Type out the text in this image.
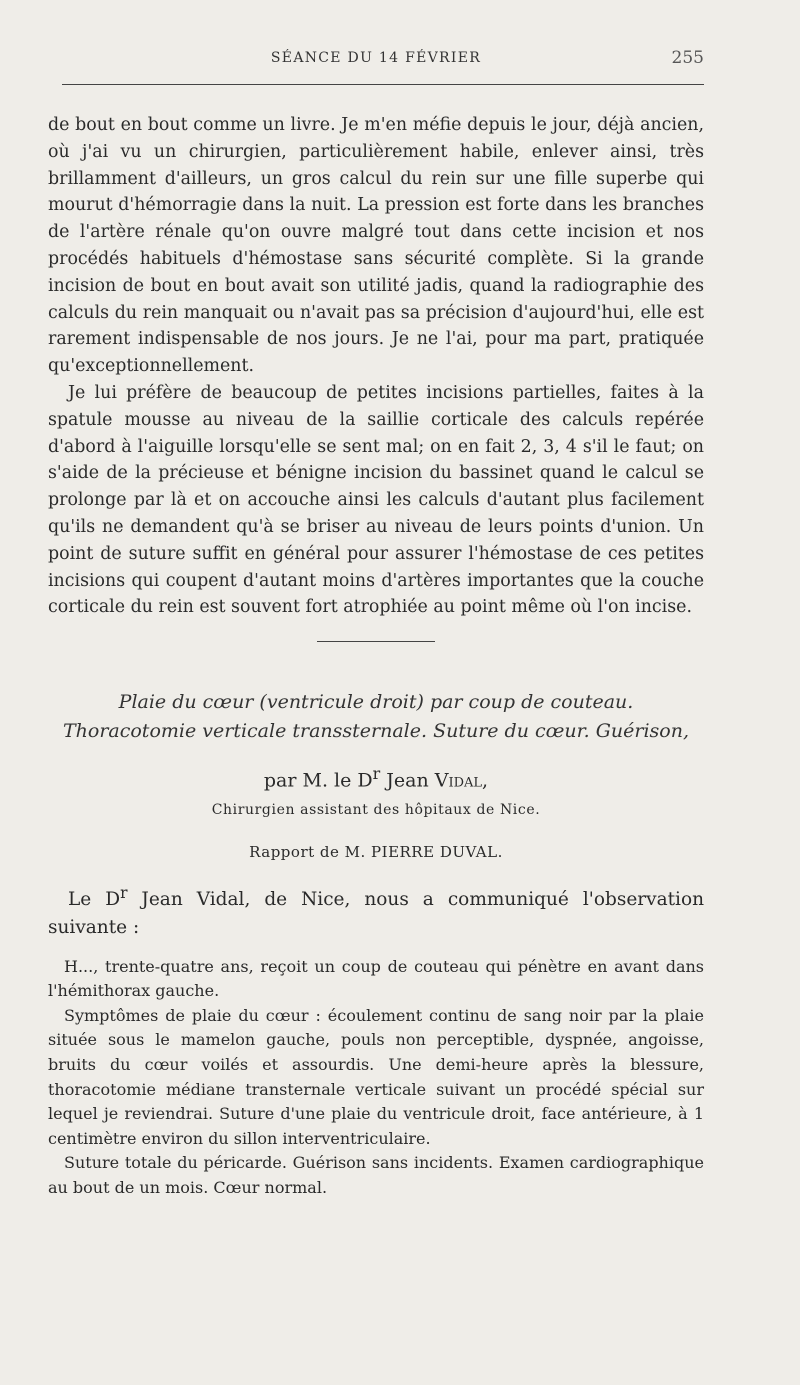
SÉANCE DU 14 FÉVRIER	255

de bout en bout comme un livre. Je m'en méfie depuis le jour, déjà ancien, où j'ai vu un chirurgien, particulièrement habile, enlever ainsi, très brillamment d'ailleurs, un gros calcul du rein sur une fille superbe qui mourut d'hémorragie dans la nuit. La pression est forte dans les branches de l'artère rénale qu'on ouvre malgré tout dans cette incision et nos procédés habituels d'hémostase sans sécurité complète. Si la grande incision de bout en bout avait son utilité jadis, quand la radiographie des calculs du rein manquait ou n'avait pas sa précision d'aujourd'hui, elle est rarement indispensable de nos jours. Je ne l'ai, pour ma part, pratiquée qu'exceptionnellement.

Je lui préfère de beaucoup de petites incisions partielles, faites à la spatule mousse au niveau de la saillie corticale des calculs repérée d'abord à l'aiguille lorsqu'elle se sent mal; on en fait 2, 3, 4 s'il le faut; on s'aide de la précieuse et bénigne incision du bassinet quand le calcul se prolonge par là et on accouche ainsi les calculs d'autant plus facilement qu'ils ne demandent qu'à se briser au niveau de leurs points d'union. Un point de suture suffit en général pour assurer l'hémostase de ces petites incisions qui coupent d'autant moins d'artères importantes que la couche corticale du rein est souvent fort atrophiée au point même où l'on incise.

Plaie du cœur (ventricule droit) par coup de couteau.
Thoracotomie verticale transsternale. Suture du cœur. Guérison,
par M. le $D^r$ Jean Vidal,
Chirurgien assistant des hôpitaux de Nice.
Rapport de M. PIERRE DUVAL.

Le $D^r$ Jean Vidal, de Nice, nous a communiqué l'observation suivante :

H..., trente-quatre ans, reçoit un coup de couteau qui pénètre en avant dans l'hémithorax gauche.

Symptômes de plaie du cœur : écoulement continu de sang noir par la plaie située sous le mamelon gauche, pouls non perceptible, dyspnée, angoisse, bruits du cœur voilés et assourdis. Une demi-heure après la blessure, thoracotomie médiane transternale verticale suivant un procédé spécial sur lequel je reviendrai. Suture d'une plaie du ventricule droit, face antérieure, à 1 centimètre environ du sillon interventriculaire.

Suture totale du péricarde. Guérison sans incidents. Examen cardiographique au bout de un mois. Cœur normal.
